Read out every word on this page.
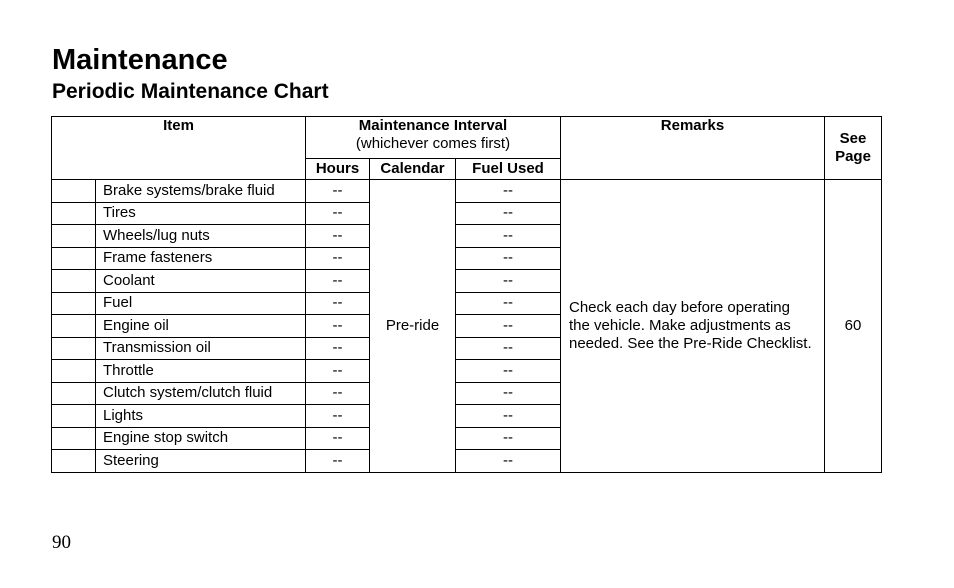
Maintenance
Periodic Maintenance Chart
Item		Maintenance Interval
(whichever comes first)			Remarks	See
Page
		Hours	Calendar	Fuel Used		
	Brake systems/brake fluid	--	Pre-ride	--	Check each day before operating the vehicle. Make adjustments as needed. See the Pre-Ride Checklist.	60
	Tires	--		--		
	Wheels/lug nuts	--		--		
	Frame fasteners	--		--		
	Coolant	--		--		
	Fuel	--		--		
	Engine oil	--		--		
	Transmission oil	--		--		
	Throttle	--		--		
	Clutch system/clutch fluid	--		--		
	Lights	--		--		
	Engine stop switch	--		--		
	Steering	--		--		
90
